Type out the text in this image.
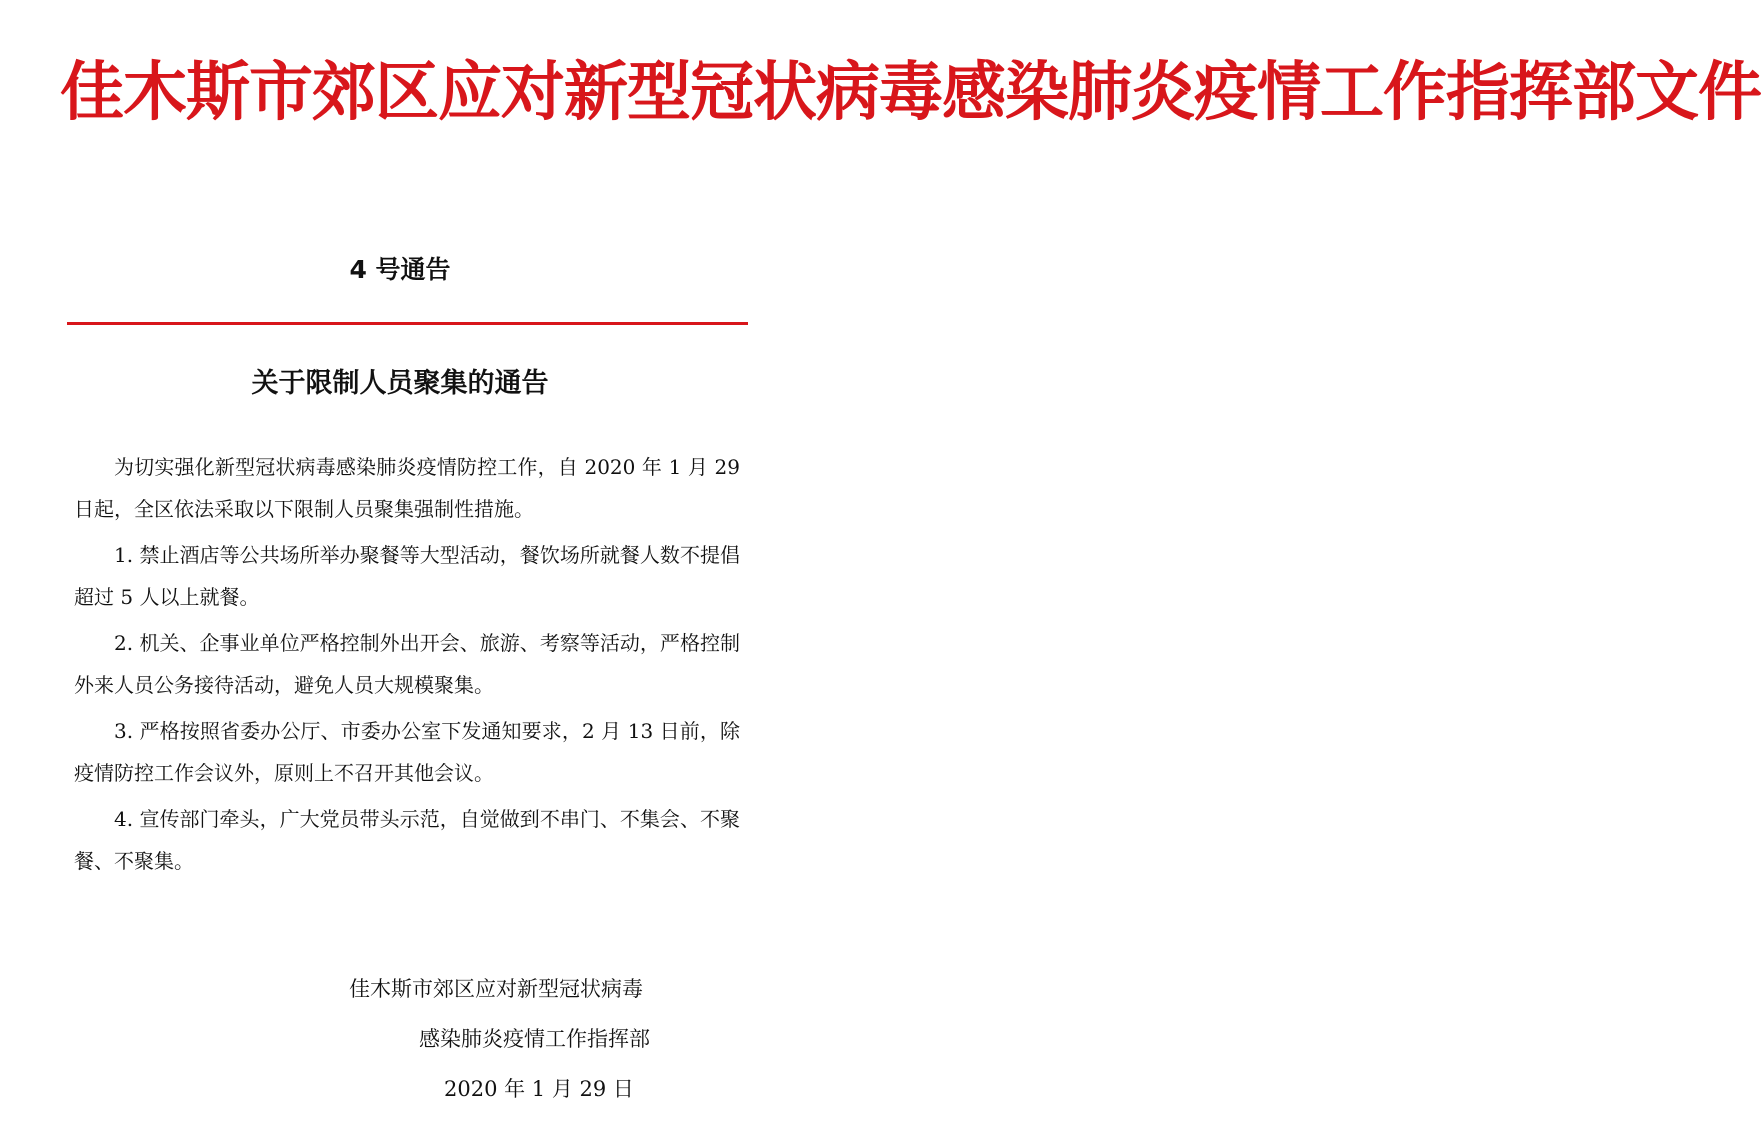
佳木斯市郊区应对新型冠状病毒感染肺炎疫情工作指挥部文件
4 号通告
关于限制人员聚集的通告

为切实强化新型冠状病毒感染肺炎疫情防控工作，自 2020 年 1 月 29 日起，全区依法采取以下限制人员聚集强制性措施。

1. 禁止酒店等公共场所举办聚餐等大型活动，餐饮场所就餐人数不提倡超过 5 人以上就餐。

2. 机关、企事业单位严格控制外出开会、旅游、考察等活动，严格控制外来人员公务接待活动，避免人员大规模聚集。

3. 严格按照省委办公厅、市委办公室下发通知要求，2 月 13 日前，除疫情防控工作会议外，原则上不召开其他会议。

4. 宣传部门牵头，广大党员带头示范，自觉做到不串门、不集会、不聚餐、不聚集。

佳木斯市郊区应对新型冠状病毒
感染肺炎疫情工作指挥部
2020 年 1 月 29 日
